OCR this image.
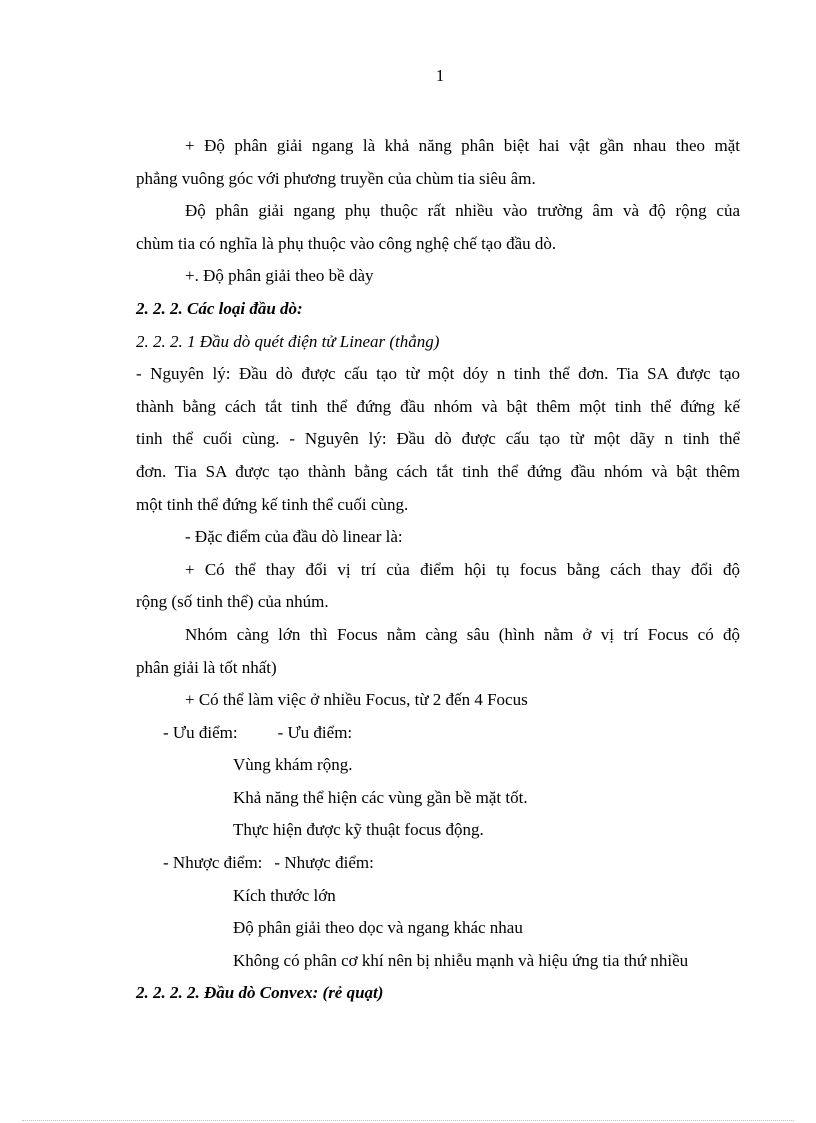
1

+ Độ phân giải ngang là khả năng phân biệt hai vật gần nhau theo mặt

phẳng vuông góc với phương truyền của chùm tia siêu âm.

Độ phân giải ngang phụ thuộc rất nhiều vào trường âm và độ rộng của

chùm tia có nghĩa là phụ thuộc vào công nghệ chế tạo đầu dò.

+. Độ phân giải theo bề dày

2. 2. 2. Các loại đầu dò:

2. 2. 2. 1 Đầu dò quét điện tử Linear (thẳng)

- Nguyên lý: Đầu dò được cấu tạo từ một dóy n tinh thể đơn. Tia SA được tạo

thành bằng cách tắt tinh thể đứng đầu nhóm và bật thêm một tinh thể đứng kế

tinh thể cuối cùng. - Nguyên lý: Đầu dò được cấu tạo từ một dãy n tinh thể

đơn. Tia SA được tạo thành bằng cách tắt tinh thể đứng đầu nhóm và bật thêm

một tinh thể đứng kế tinh thể cuối cùng.

- Đặc điểm của đầu dò linear là:

+ Có thể thay đổi vị trí của điểm hội tụ focus bằng cách thay đổi độ

rộng (số tinh thể) của nhúm.

Nhóm càng lớn thì Focus nằm càng sâu (hình nằm ở vị trí Focus có độ

phân giải là tốt nhất)

+ Có thể làm việc ở nhiều Focus, từ 2 đến 4 Focus

- Ưu điểm: - Ưu điểm:

Vùng khám rộng.

Khả năng thể hiện các vùng gần bề mặt tốt.

Thực hiện được kỹ thuật focus động.

- Nhược điểm: - Nhược điểm:

Kích thước lớn

Độ phân giải theo dọc và ngang khác nhau

Không có phân cơ khí nên bị nhiễu mạnh và hiệu ứng tia thứ nhiều

2. 2. 2. 2. Đầu dò Convex: (rẻ quạt)
